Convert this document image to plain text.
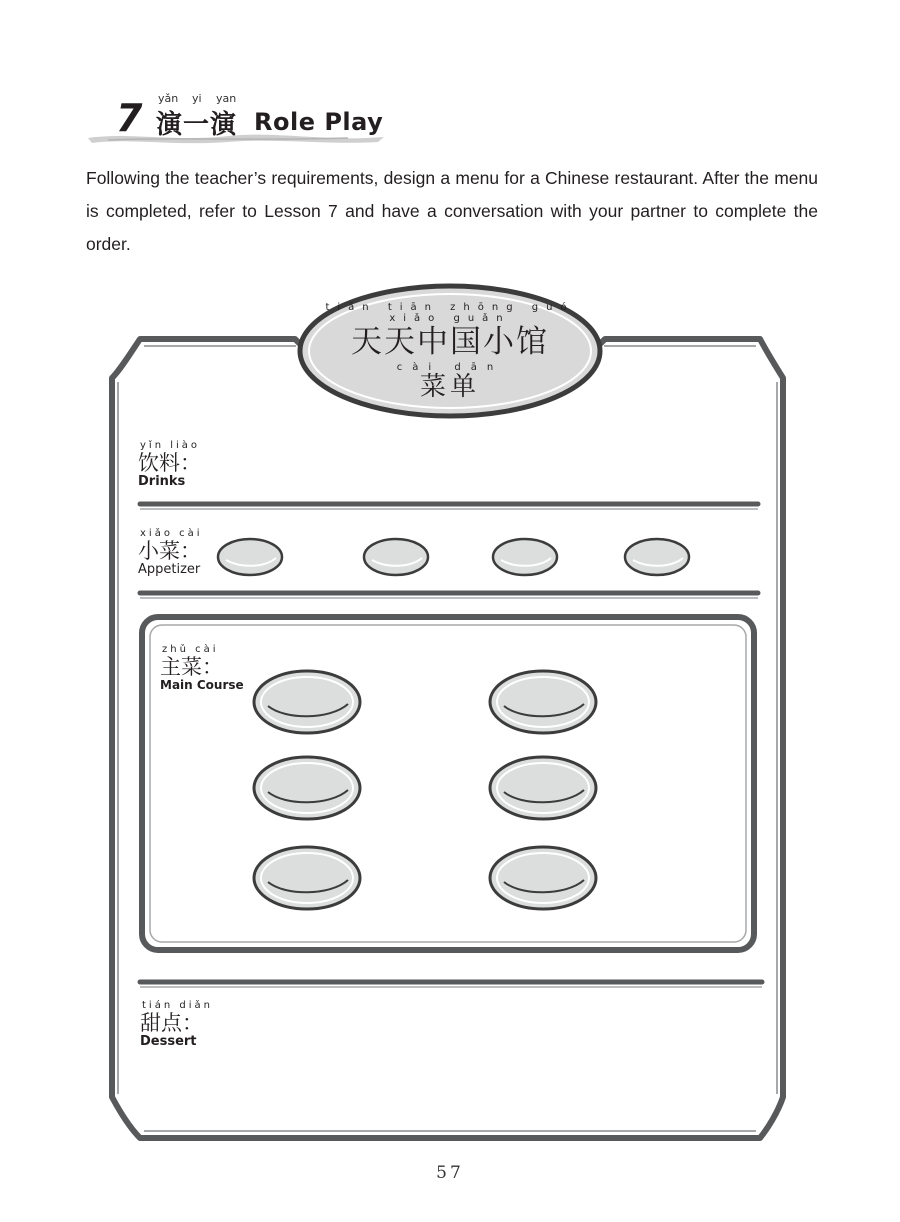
7 yǎn yi yan
演一演 Role Play

Following the teacher’s requirements, design a menu for a Chinese restaurant. After the menu is completed, refer to Lesson 7 and have a conversation with your partner to complete the order.

tiān tiān zhōng guó xiǎo guǎn
天天中国小馆
cài dān
菜单
yǐn liào
饮料：
Drinks
xiǎo cài
小菜：
Appetizer
zhǔ cài
主菜：
Main Course
tián diǎn
甜点：
Dessert
57
